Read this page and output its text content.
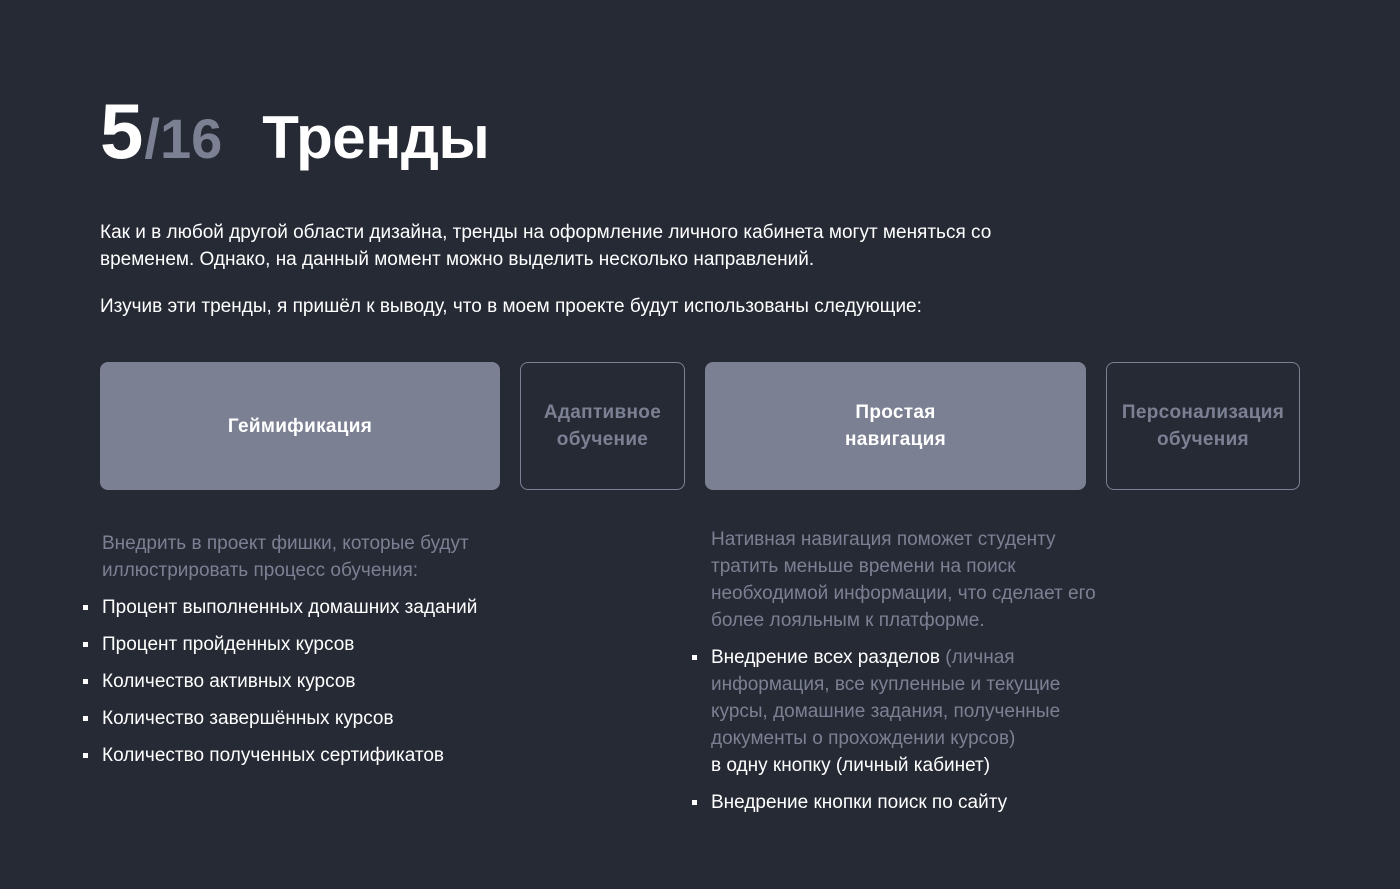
5 /16 Тренды

Как и в любой другой области дизайна, тренды на оформление личного кабинета могут меняться со временем. Однако, на данный момент можно выделить несколько направлений.

Изучив эти тренды, я пришёл к выводу, что в моем проекте будут использованы следующие:

Геймификация
Адаптивное
обучение
Простая
навигация
Персонализация
обучения

Внедрить в проект фишки, которые будут иллюстрировать процесс обучения:

Процент выполненных домашних заданий
Процент пройденных курсов
Количество активных курсов
Количество завершённых курсов
Количество полученных сертификатов

Нативная навигация поможет студенту тратить меньше времени на поиск необходимой информации, что сделает его более лояльным к платформе.

Внедрение всех разделов (личная информация, все купленные и текущие курсы, домашние задания, полученные документы о прохождении курсов)
в одну кнопку (личный кабинет)
Внедрение кнопки поиск по сайту
